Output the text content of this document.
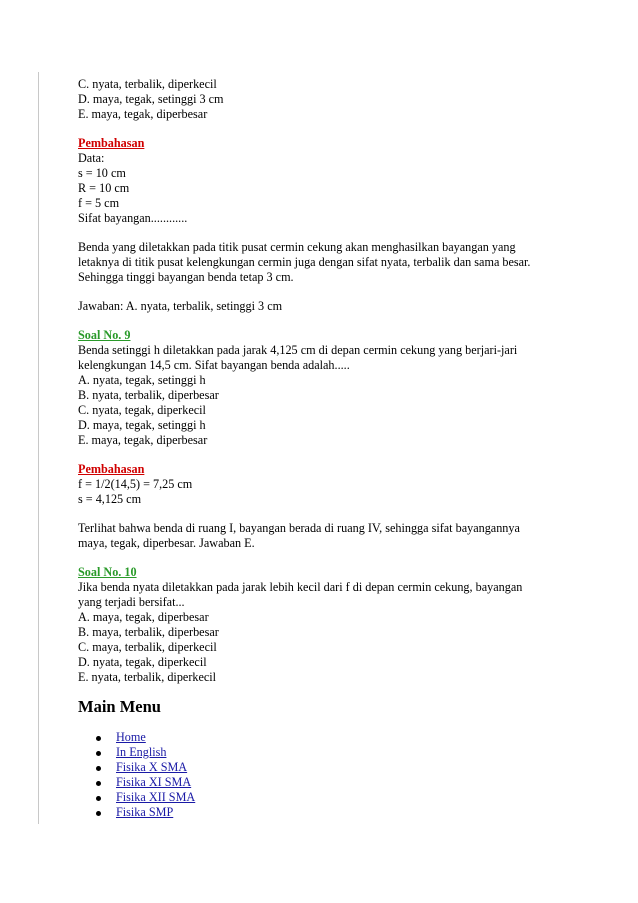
C. nyata, terbalik, diperkecil
D. maya, tegak, setinggi 3 cm
E. maya, tegak, diperbesar
Pembahasan
Data:
s = 10 cm
R = 10 cm
f = 5 cm
Sifat bayangan............
Benda yang diletakkan pada titik pusat cermin cekung akan menghasilkan bayangan yang
letaknya di titik pusat kelengkungan cermin juga dengan sifat nyata, terbalik dan sama besar.
Sehingga tinggi bayangan benda tetap 3 cm.
Jawaban: A. nyata, terbalik, setinggi 3 cm
Soal No. 9
Benda setinggi h diletakkan pada jarak 4,125 cm di depan cermin cekung yang berjari-jari
kelengkungan 14,5 cm. Sifat bayangan benda adalah.....
A. nyata, tegak, setinggi h
B. nyata, terbalik, diperbesar
C. nyata, tegak, diperkecil
D. maya, tegak, setinggi h
E. maya, tegak, diperbesar
Pembahasan
f = 1/2(14,5) = 7,25 cm
s = 4,125 cm
Terlihat bahwa benda di ruang I, bayangan berada di ruang IV, sehingga sifat bayangannya
maya, tegak, diperbesar. Jawaban E.
Soal No. 10
Jika benda nyata diletakkan pada jarak lebih kecil dari f di depan cermin cekung, bayangan
yang terjadi bersifat...
A. maya, tegak, diperbesar
B. maya, terbalik, diperbesar
C. maya, terbalik, diperkecil
D. nyata, tegak, diperkecil
E. nyata, terbalik, diperkecil
Main Menu
Home
In English
Fisika X SMA
Fisika XI SMA
Fisika XII SMA
Fisika SMP
